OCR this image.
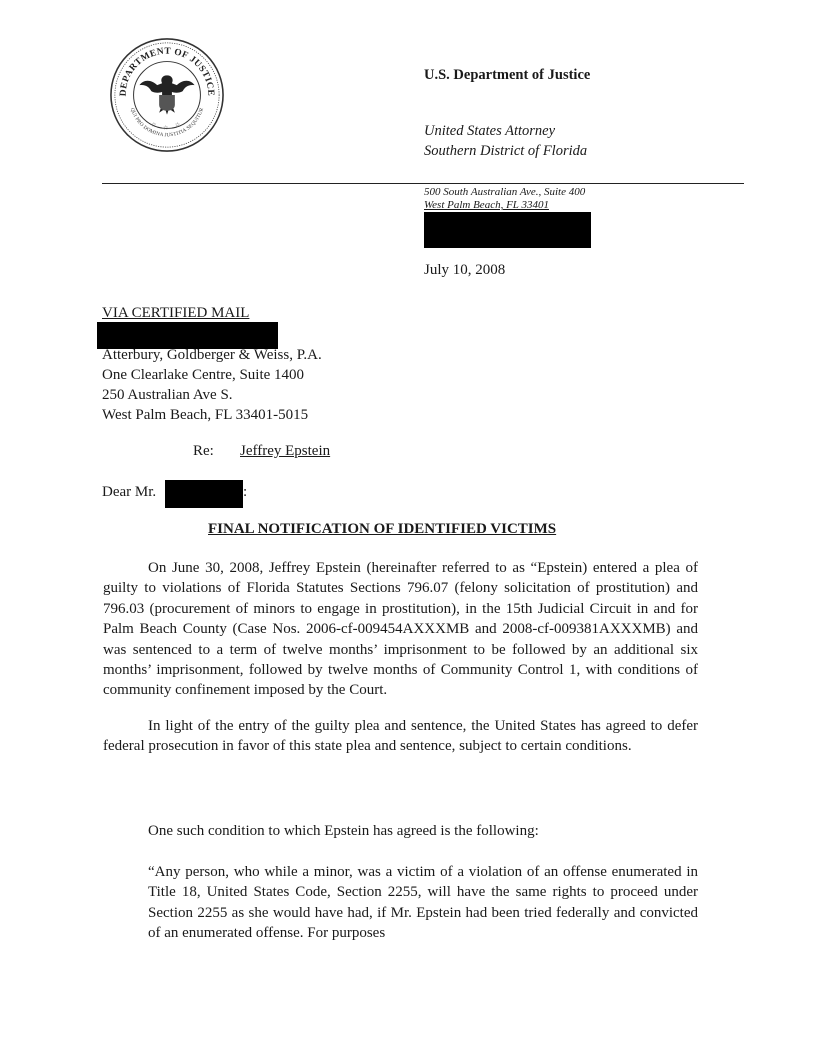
DEPARTMENT OF JUSTICE
QUI PRO DOMINA JUSTITIA SEQUITUR
☆ ☆ ☆
U.S. Department of Justice
United States Attorney
Southern District of Florida
500 South Australian Ave., Suite 400
West Palm Beach, FL 33401
July 10, 2008
VIA CERTIFIED MAIL
Atterbury, Goldberger & Weiss, P.A.
One Clearlake Centre, Suite 1400
250 Australian Ave S.
West Palm Beach, FL 33401-5015
Re: Jeffrey Epstein
Dear Mr.	:
FINAL NOTIFICATION OF IDENTIFIED VICTIMS

On June 30, 2008, Jeffrey Epstein (hereinafter referred to as “Epstein) entered a plea of guilty to violations of Florida Statutes Sections 796.07 (felony solicitation of prostitution) and 796.03 (procurement of minors to engage in prostitution), in the 15th Judicial Circuit in and for Palm Beach County (Case Nos. 2006-cf-009454AXXXMB and 2008-cf-009381AXXXMB) and was sentenced to a term of twelve months’ imprisonment to be followed by an additional six months’ imprisonment, followed by twelve months of Community Control 1, with conditions of community confinement imposed by the Court.

In light of the entry of the guilty plea and sentence, the United States has agreed to defer federal prosecution in favor of this state plea and sentence, subject to certain conditions.

One such condition to which Epstein has agreed is the following:

“Any person, who while a minor, was a victim of a violation of an offense enumerated in Title 18, United States Code, Section 2255, will have the same rights to proceed under Section 2255 as she would have had, if Mr. Epstein had been tried federally and convicted of an enumerated offense. For purposes
